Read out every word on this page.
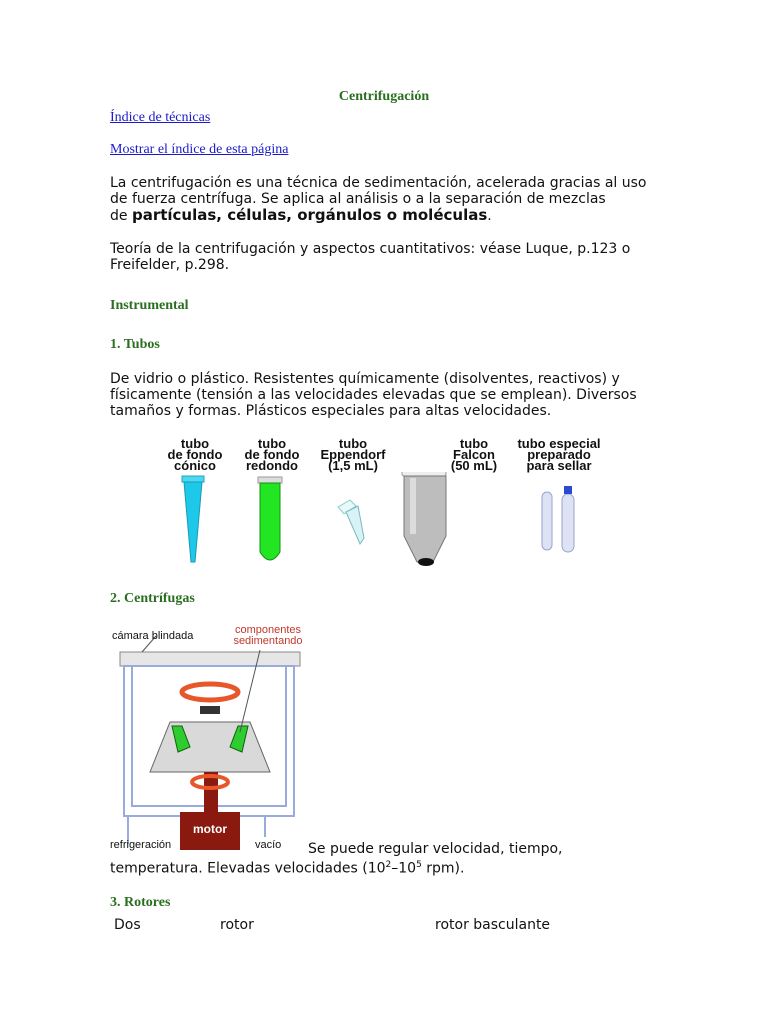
Centrifugación
Índice de técnicas
Mostrar el índice de esta página
La centrifugación es una técnica de sedimentación, acelerada gracias al uso
de fuerza centrífuga. Se aplica al análisis o a la separación de mezclas
de partículas, células, orgánulos o moléculas.
Teoría de la centrifugación y aspectos cuantitativos: véase Luque, p.123 o
Freifelder, p.298.
Instrumental
1. Tubos
De vidrio o plástico. Resistentes químicamente (disolventes, reactivos) y
físicamente (tensión a las velocidades elevadas que se emplean). Diversos
tamaños y formas. Plásticos especiales para altas velocidades.
tubo
de fondo
cónico
tubo
de fondo
redondo
tubo
Eppendorf
(1,5 mL)
tubo
Falcon
(50 mL)
tubo especial
preparado
para sellar
2. Centrífugas
cámara blindada	componentes
sedimentando
motor
refrigeración	vacío Se puede regular velocidad, tiempo,
temperatura. Elevadas velocidades ($10^2-10^5$ rpm).
3. Rotores
Dos	rotor	rotor basculante
